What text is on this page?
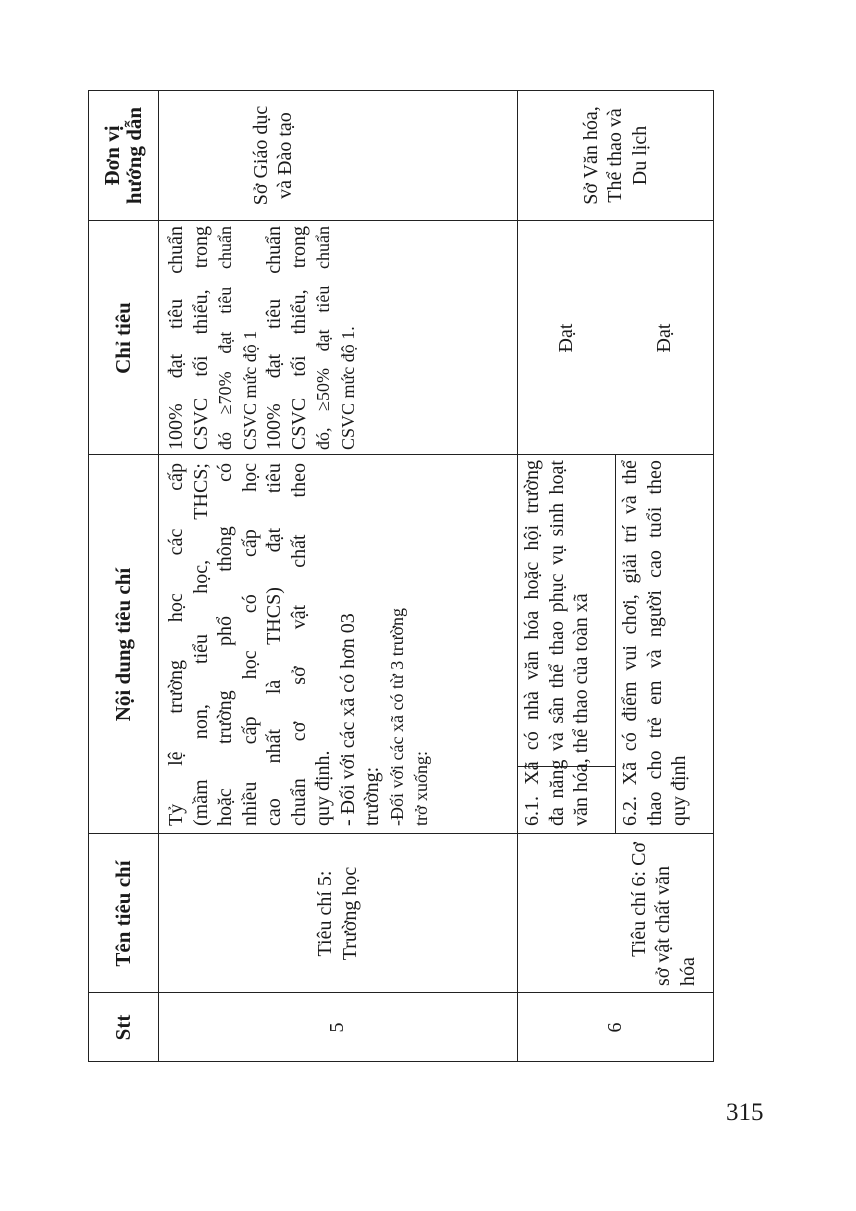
Stt
Tên tiêu chí
Nội dung tiêu chí
Chỉ tiêu
Đơn vị
hướng dẫn
5
Tiêu chí 5: Trường học
Tỷ
lệ
trường
học
các
cấp
(mầm
non,
tiểu
học,
THCS;
hoặc
trường
phổ
thông
có
nhiều
cấp
học
có
cấp
học
cao
nhất
là
THCS)
đạt
tiêu
chuẩn
cơ
sở
vật
chất
theo
quy định. - Đối với các xã có hơn 03 trường: -Đối với các xã có từ 3 trường trở xuống:
100%
đạt
tiêu
chuẩn
CSVC
tối
thiểu,
trong
đó
≥70%
đạt
tiêu
chuẩn
CSVC mức độ 1 100%
đạt
tiêu
chuẩn
CSVC
tối
thiểu,
trong
đó,
≥50%
đạt
tiêu
chuẩn
CSVC mức độ 1.
Sở Giáo dục và Đào tạo
6
Tiêu chí 6: Cơ sở vật chất văn hóa
6.1.
Xã
có
nhà
văn
hóa
hoặc
hội
trường
đa
năng
và
sân
thể
thao
phục
vụ
sinh
hoạt
văn hóa, thể thao của toàn xã 6.2.
Xã
có
điểm
vui
chơi,
giải
trí
và
thể
thao
cho
trẻ
em
và
người
cao
tuổi
theo
quy định
Đạt	Đạt
Sở Văn hóa, Thể thao và Du lịch
315
